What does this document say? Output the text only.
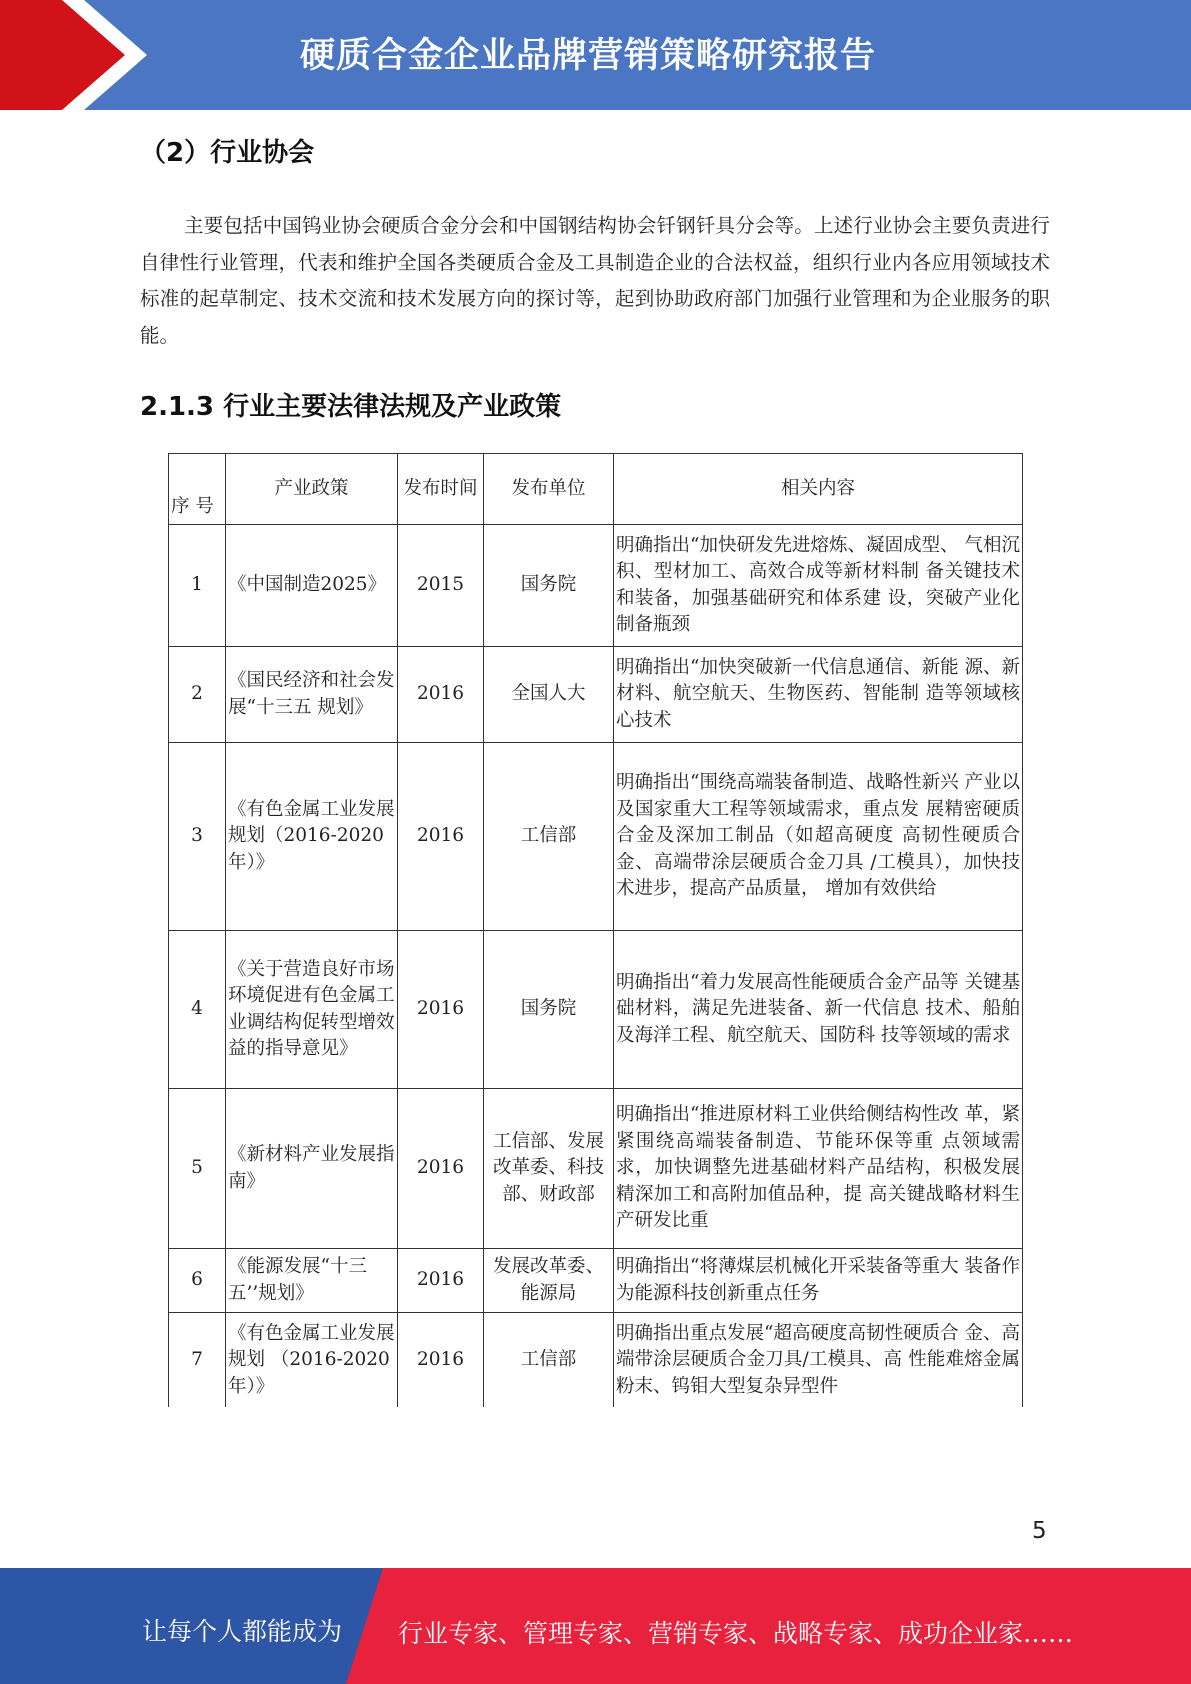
硬质合金企业品牌营销策略研究报告
（2）行业协会
主要包括中国钨业协会硬质合金分会和中国钢结构协会钎钢钎具分会等。上述行业协会主要负责进行自律性行业管理，代表和维护全国各类硬质合金及工具制造企业的合法权益，组织行业内各应用领域技术标准的起草制定、技术交流和技术发展方向的探讨等，起到协助政府部门加强行业管理和为企业服务的职能。
2.1.3 行业主要法律法规及产业政策
序 号	产业政策	发布时间	发布单位	相关内容
1	《中国制造2025》	2015	国务院	明确指出“加快研发先进熔炼、凝固成型、 气相沉积、型材加工、高效合成等新材料制 备关键技术和装备，加强基础研究和体系建 设，突破产业化制备瓶颈
2	《国民经济和社会发展“十三五 规划》	2016	全国人大	明确指出“加快突破新一代信息通信、新能 源、新材料、航空航天、生物医药、智能制 造等领域核心技术
3	《有色金属工业发展规划（2016-2020 年）》	2016	工信部	明确指出“围绕高端装备制造、战略性新兴 产业以及国家重大工程等领域需求，重点发 展精密硬质合金及深加工制品（如超高硬度 高韧性硬质合金、高端带涂层硬质合金刀具 /工模具），加快技术进步，提高产品质量， 增加有效供给
4	《关于营造良好市场环境促进有色金属工业调结构促转型增效益的指导意见》	2016	国务院	明确指出“着力发展高性能硬质合金产品等 关键基础材料，满足先进装备、新一代信息 技术、船舶及海洋工程、航空航天、国防科 技等领域的需求
5	《新材料产业发展指南》	2016	工信部、发展改革委、科技部、财政部	明确指出“推进原材料工业供给侧结构性改 革，紧紧围绕高端装备制造、节能环保等重 点领域需求，加快调整先进基础材料产品结构，积极发展精深加工和高附加值品种，提 高关键战略材料生产研发比重
6	《能源发展“十三五’’规划》	2016	发展改革委、能源局	明确指出“将薄煤层机械化开采装备等重大 装备作为能源科技创新重点任务
7	《有色金属工业发展规划 （2016-2020 年）》	2016	工信部	明确指出重点发展“超高硬度高韧性硬质合 金、高端带涂层硬质合金刀具/工模具、高 性能难熔金属粉末、钨钼大型复杂异型件
5
让每个人都能成为 行业专家、管理专家、营销专家、战略专家、成功企业家……
